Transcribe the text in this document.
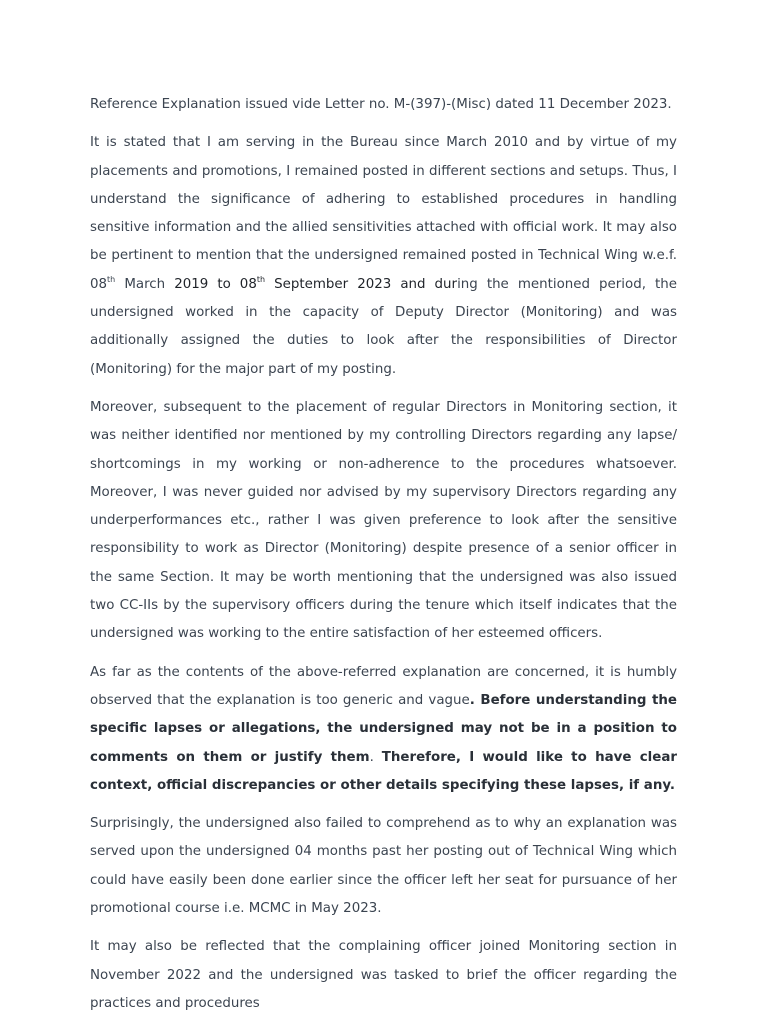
Reference Explanation issued vide Letter no. M-(397)-(Misc) dated 11 December 2023.

It is stated that I am serving in the Bureau since March 2010 and by virtue of my placements and promotions, I remained posted in different sections and setups. Thus, I understand the significance of adhering to established procedures in handling sensitive information and the allied sensitivities attached with official work. It may also be pertinent to mention that the undersigned remained posted in Technical Wing w.e.f. 08th March 2019 to 08th September 2023 and during the mentioned period, the undersigned worked in the capacity of Deputy Director (Monitoring) and was additionally assigned the duties to look after the responsibilities of Director (Monitoring) for the major part of my posting.

Moreover, subsequent to the placement of regular Directors in Monitoring section, it was neither identified nor mentioned by my controlling Directors regarding any lapse/ shortcomings in my working or non-adherence to the procedures whatsoever. Moreover, I was never guided nor advised by my supervisory Directors regarding any underperformances etc., rather I was given preference to look after the sensitive responsibility to work as Director (Monitoring) despite presence of a senior officer in the same Section. It may be worth mentioning that the undersigned was also issued two CC-IIs by the supervisory officers during the tenure which itself indicates that the undersigned was working to the entire satisfaction of her esteemed officers.

As far as the contents of the above-referred explanation are concerned, it is humbly observed that the explanation is too generic and vague. Before understanding the specific lapses or allegations, the undersigned may not be in a position to comments on them or justify them. Therefore, I would like to have clear context, official discrepancies or other details specifying these lapses, if any.

Surprisingly, the undersigned also failed to comprehend as to why an explanation was served upon the undersigned 04 months past her posting out of Technical Wing which could have easily been done earlier since the officer left her seat for pursuance of her promotional course i.e. MCMC in May 2023.

It may also be reflected that the complaining officer joined Monitoring section in November 2022 and the undersigned was tasked to brief the officer regarding the practices and procedures
